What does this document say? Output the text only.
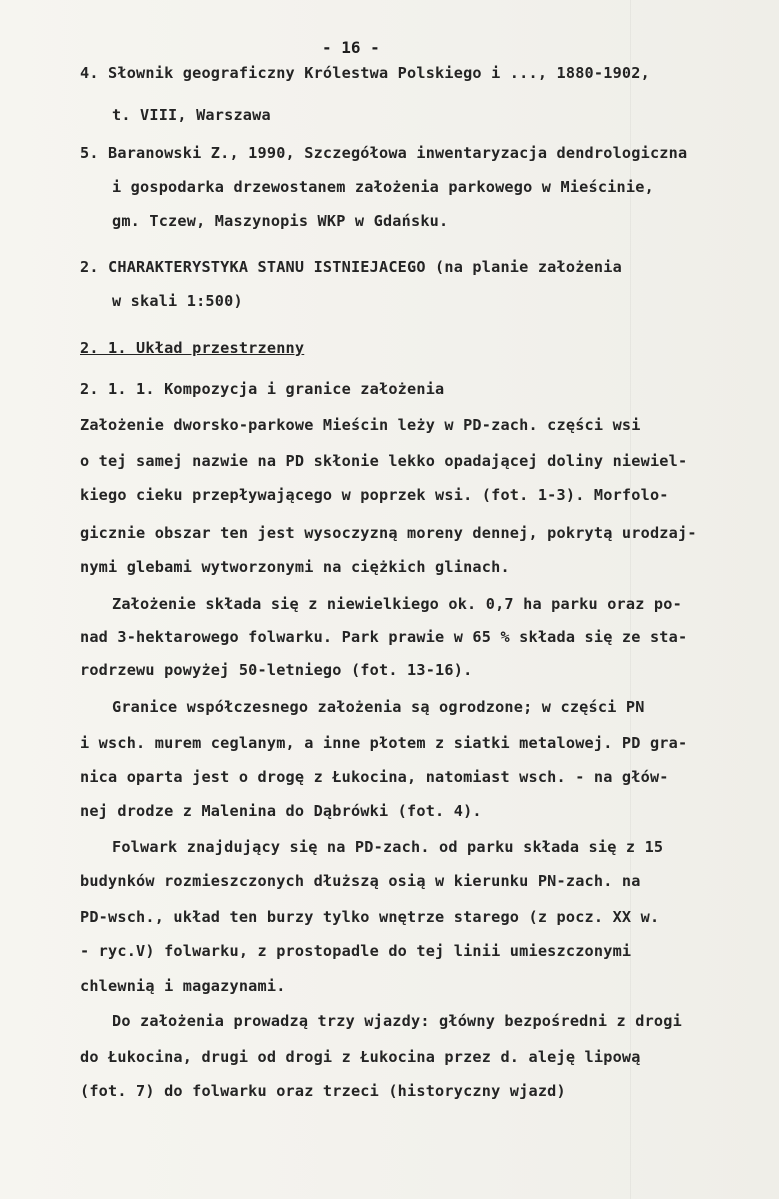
- 16 -
4. Słownik geograficzny Królestwa Polskiego i ..., 1880-1902,
t. VIII, Warszawa
5. Baranowski Z., 1990, Szczegółowa inwentaryzacja dendrologiczna
i gospodarka drzewostanem założenia parkowego w Mieścinie,
gm. Tczew, Maszynopis WKP w Gdańsku.
2. CHARAKTERYSTYKA STANU ISTNIEJACEGO (na planie założenia
w skali 1:500)
2. 1. Układ przestrzenny
2. 1. 1. Kompozycja i granice założenia
Założenie dworsko-parkowe Mieścin leży w PD-zach. części wsi
o tej samej nazwie na PD skłonie lekko opadającej doliny niewiel-
kiego cieku przepływającego w poprzek wsi. (fot. 1-3). Morfolo-
gicznie obszar ten jest wysoczyzną moreny dennej, pokrytą urodzaj-
nymi glebami wytworzonymi na ciężkich glinach.
Założenie składa się z niewielkiego ok. 0,7 ha parku oraz po-
nad 3-hektarowego folwarku. Park prawie w 65 % składa się ze sta-
rodrzewu powyżej 50-letniego (fot. 13-16).
Granice współczesnego założenia są ogrodzone; w części PN
i wsch. murem ceglanym, a inne płotem z siatki metalowej. PD gra-
nica oparta jest o drogę z Łukocina, natomiast wsch. - na głów-
nej drodze z Malenina do Dąbrówki (fot. 4).
Folwark znajdujący się na PD-zach. od parku składa się z 15
budynków rozmieszczonych dłuższą osią w kierunku PN-zach. na
PD-wsch., układ ten burzy tylko wnętrze starego (z pocz. XX w.
- ryc.V) folwarku, z prostopadle do tej linii umieszczonymi
chlewnią i magazynami.
Do założenia prowadzą trzy wjazdy: główny bezpośredni z drogi
do Łukocina, drugi od drogi z Łukocina przez d. aleję lipową
(fot. 7) do folwarku oraz trzeci (historyczny wjazd)
